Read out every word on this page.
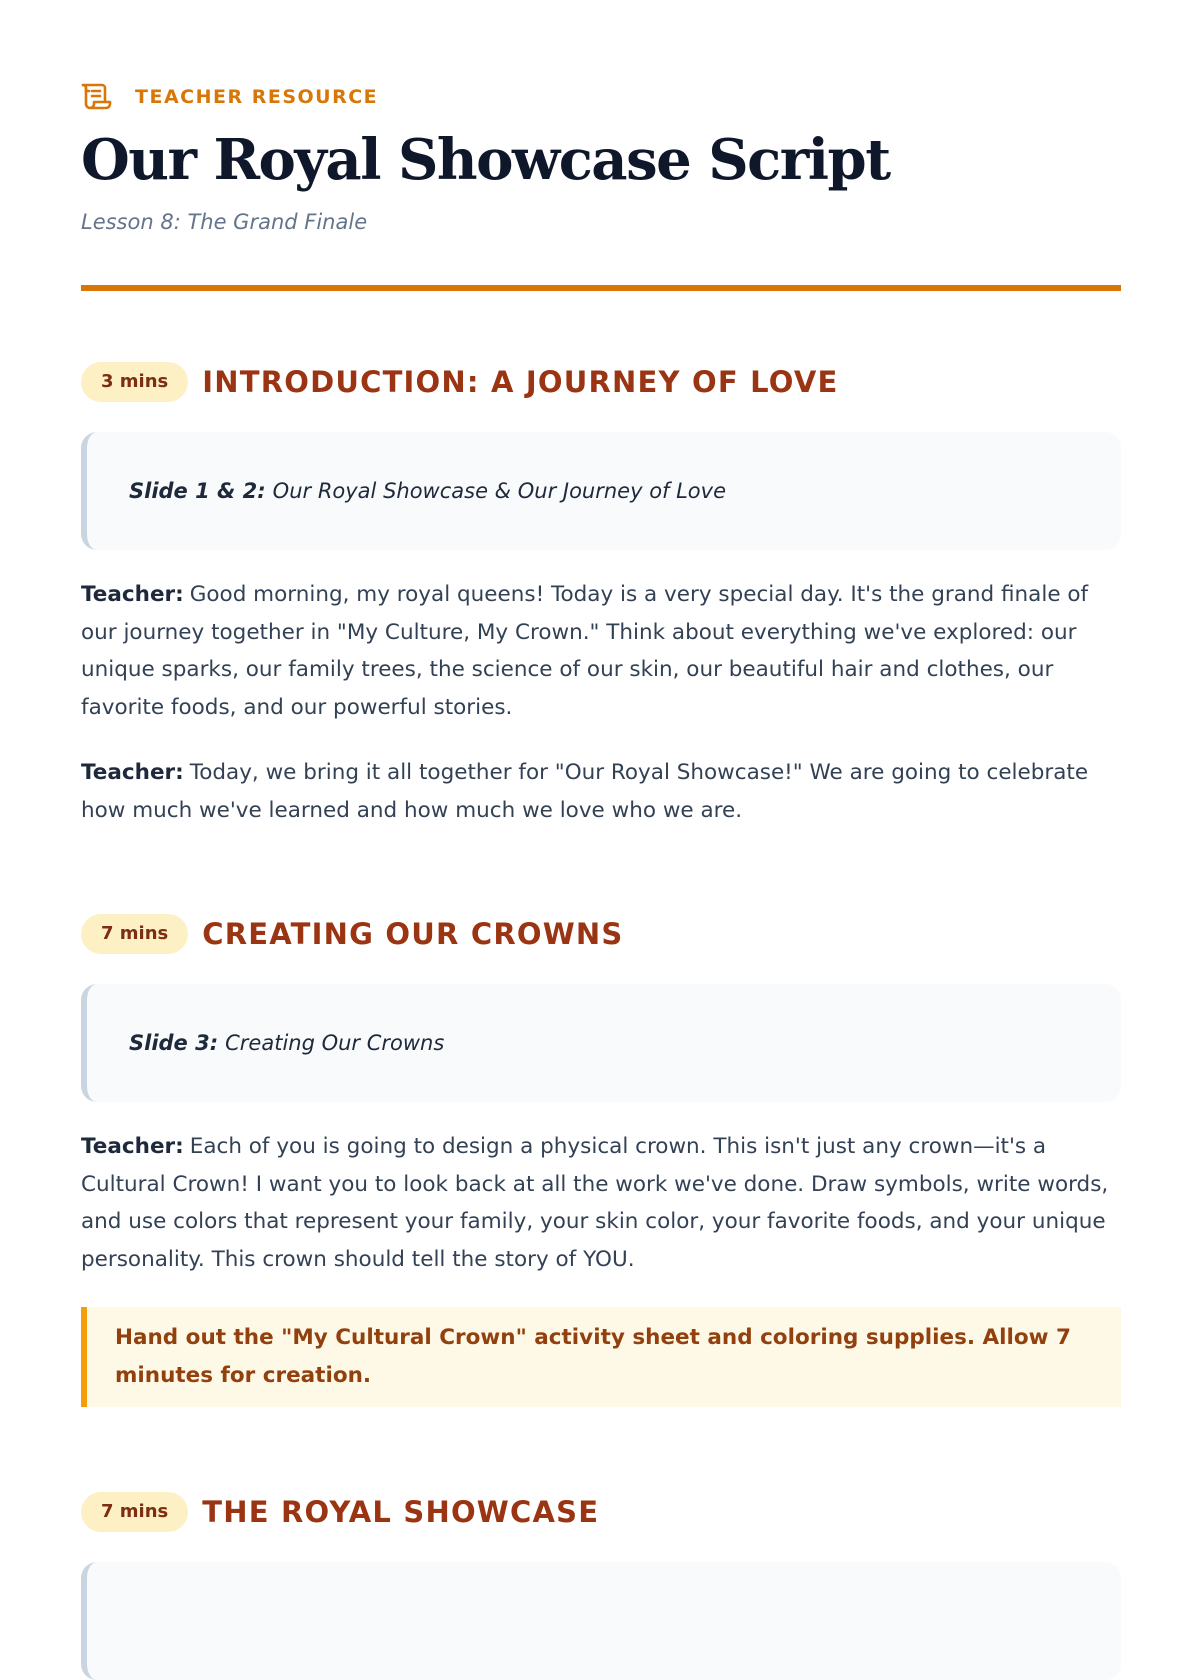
TEACHER RESOURCE
Our Royal Showcase Script
Lesson 8: The Grand Finale
3 mins	INTRODUCTION: A JOURNEY OF LOVE
Slide 1 & 2: Our Royal Showcase & Our Journey of Love

Teacher: Good morning, my royal queens! Today is a very special day. It's the grand finale of our journey together in "My Culture, My Crown." Think about everything we've explored: our unique sparks, our family trees, the science of our skin, our beautiful hair and clothes, our favorite foods, and our powerful stories.

Teacher: Today, we bring it all together for "Our Royal Showcase!" We are going to celebrate how much we've learned and how much we love who we are.

7 mins	CREATING OUR CROWNS
Slide 3: Creating Our Crowns

Teacher: Each of you is going to design a physical crown. This isn't just any crown—it's a Cultural Crown! I want you to look back at all the work we've done. Draw symbols, write words, and use colors that represent your family, your skin color, your favorite foods, and your unique personality. This crown should tell the story of YOU.

Hand out the "My Cultural Crown" activity sheet and coloring supplies. Allow 7 minutes for creation.
7 mins	THE ROYAL SHOWCASE
